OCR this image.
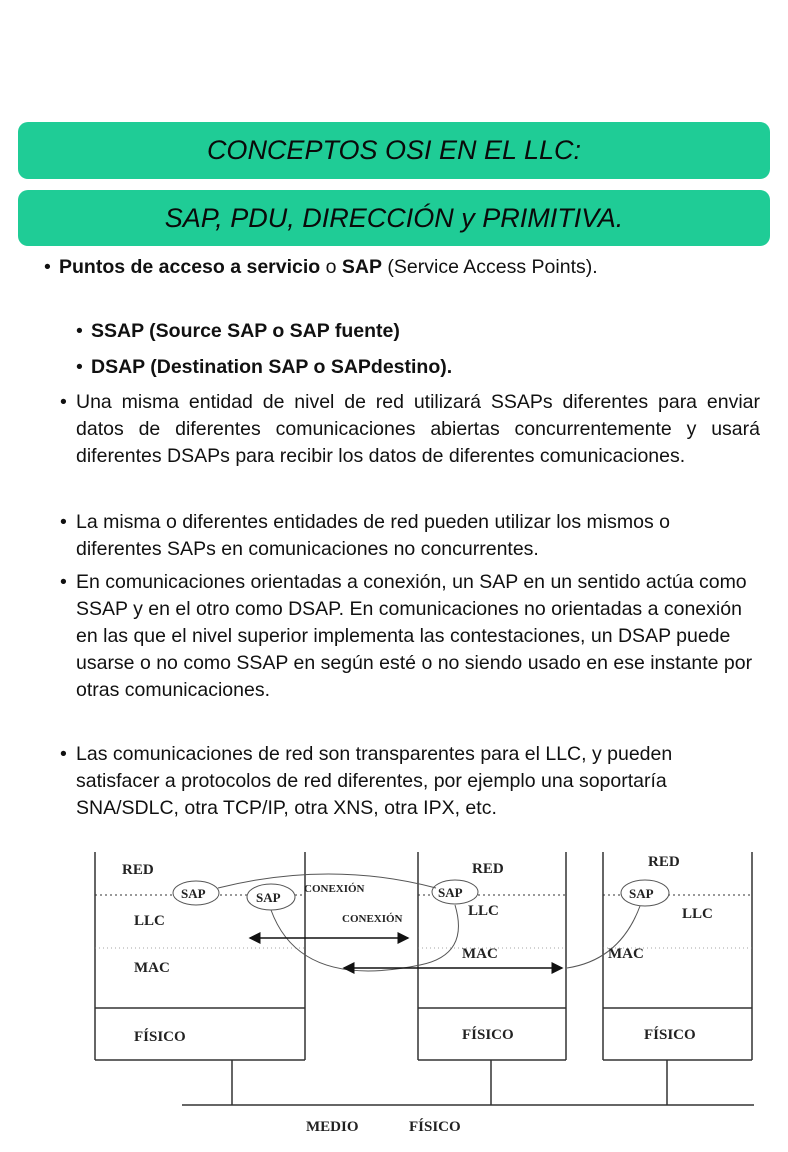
CONCEPTOS OSI EN EL LLC:
SAP, PDU, DIRECCIÓN y PRIMITIVA.
• Puntos de acceso a servicio o SAP (Service Access Points).
• SSAP (Source SAP o SAP fuente)
• DSAP (Destination SAP o SAPdestino).
• Una misma entidad de nivel de red utilizará SSAPs diferentes para enviar datos de diferentes comunicaciones abiertas concurrentemente y usará diferentes DSAPs para recibir los datos de diferentes comunicaciones.
• La misma o diferentes entidades de red pueden utilizar los mismos o diferentes SAPs en comunicaciones no concurrentes.
• En comunicaciones orientadas a conexión, un SAP en un sentido actúa como SSAP y en el otro como DSAP. En comunicaciones no orientadas a conexión en las que el nivel superior implementa las contestaciones, un DSAP puede usarse o no como SSAP en según esté o no siendo usado en ese instante por otras comunicaciones.
• Las comunicaciones de red son transparentes para el LLC, y pueden satisfacer a protocolos de red diferentes, por ejemplo una soportaría SNA/SDLC, otra TCP/IP, otra XNS, otra IPX, etc.
RED
LLC
MAC
FÍSICO
RED
LLC
MAC
FÍSICO
RED
LLC
MAC
FÍSICO
SAP	SAP	SAP	SAP
CONEXIÓN
CONEXIÓN
MEDIO	FÍSICO
